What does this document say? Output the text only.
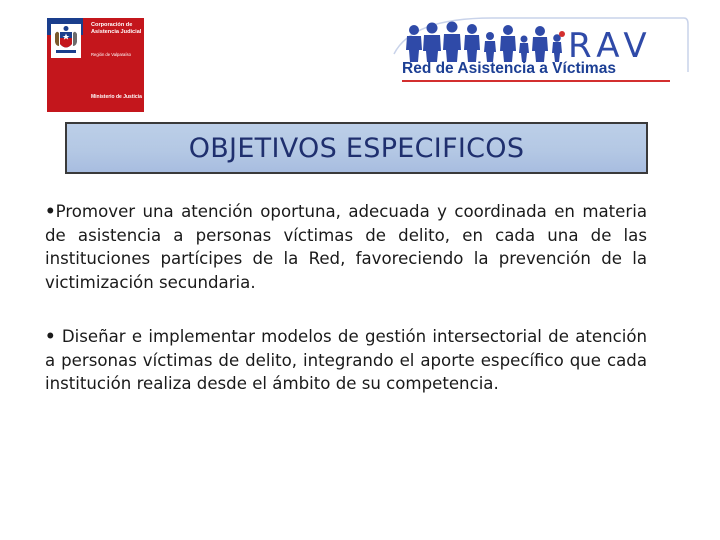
Corporación de Asistencia Judicial
Región de Valparaíso
Ministerio de Justicia
RAV
Red de Asistencia a Víctimas
OBJETIVOS ESPECIFICOS

•Promover una atención oportuna, adecuada y coordinada en materia de asistencia a personas víctimas de delito, en cada una de las instituciones partícipes de la Red, favoreciendo la prevención de la victimización secundaria.

• Diseñar e implementar modelos de gestión intersectorial de atención a personas víctimas de delito, integrando el aporte específico que cada institución realiza desde el ámbito de su competencia.
